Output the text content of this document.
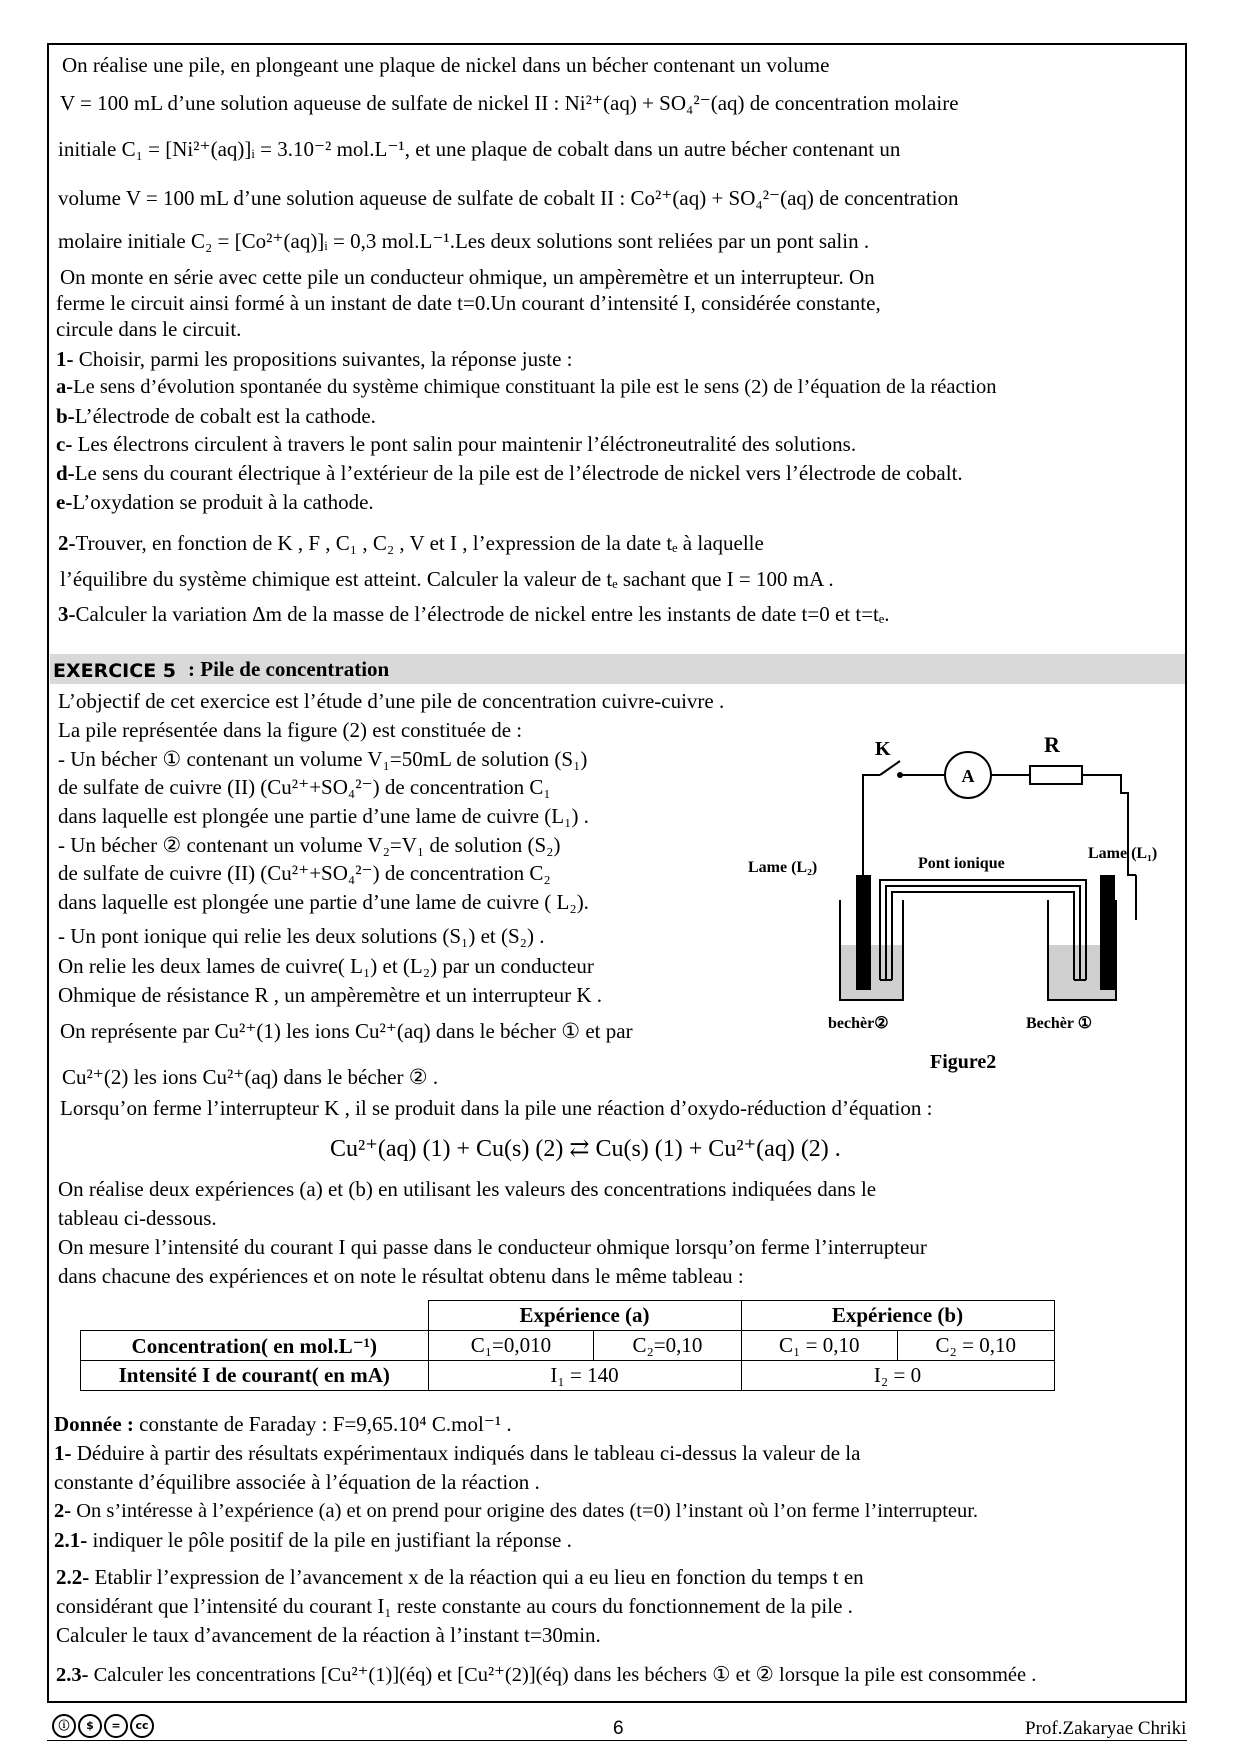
On réalise une pile, en plongeant une plaque de nickel dans un bécher contenant un volume
V = 100 mL d’une solution aqueuse de sulfate de nickel II : Ni²⁺(aq) + SO₄²⁻(aq) de concentration molaire
initiale C₁ = [Ni²⁺(aq)]ᵢ = 3.10⁻² mol.L⁻¹, et une plaque de cobalt dans un autre bécher contenant un
volume V = 100 mL d’une solution aqueuse de sulfate de cobalt II : Co²⁺(aq) + SO₄²⁻(aq) de concentration
molaire initiale C₂ = [Co²⁺(aq)]ᵢ = 0,3 mol.L⁻¹.Les deux solutions sont reliées par un pont salin .
On monte en série avec cette pile un conducteur ohmique, un ampèremètre et un interrupteur. On
ferme le circuit ainsi formé à un instant de date t=0.Un courant d’intensité I, considérée constante,
circule dans le circuit.
1- Choisir, parmi les propositions suivantes, la réponse juste :
a-Le sens d’évolution spontanée du système chimique constituant la pile est le sens (2) de l’équation de la réaction
b-L’électrode de cobalt est la cathode.
c- Les électrons circulent à travers le pont salin pour maintenir l’éléctroneutralité des solutions.
d-Le sens du courant électrique à l’extérieur de la pile est de l’électrode de nickel vers l’électrode de cobalt.
e-L’oxydation se produit à la cathode.
2-Trouver, en fonction de K , F , C₁ , C₂ , V et I , l’expression de la date tₑ à laquelle
l’équilibre du système chimique est atteint. Calculer la valeur de tₑ sachant que I = 100 mA .
3-Calculer la variation Δm de la masse de l’électrode de nickel entre les instants de date t=0 et t=tₑ.
EXERCICE 5 : Pile de concentration
L’objectif de cet exercice est l’étude d’une pile de concentration cuivre-cuivre .
La pile représentée dans la figure (2) est constituée de :
- Un bécher ① contenant un volume V₁=50mL de solution (S₁)
de sulfate de cuivre (II) (Cu²⁺+SO₄²⁻) de concentration C₁
dans laquelle est plongée une partie d’une lame de cuivre (L₁) .
- Un bécher ② contenant un volume V₂=V₁ de solution (S₂)
de sulfate de cuivre (II) (Cu²⁺+SO₄²⁻) de concentration C₂
dans laquelle est plongée une partie d’une lame de cuivre ( L₂).
- Un pont ionique qui relie les deux solutions (S₁) et (S₂) .
On relie les deux lames de cuivre( L₁) et (L₂) par un conducteur
Ohmique de résistance R , un ampèremètre et un interrupteur K .
On représente par Cu²⁺(1) les ions Cu²⁺(aq) dans le bécher ① et par
Cu²⁺(2) les ions Cu²⁺(aq) dans le bécher ② .
Lorsqu’on ferme l’interrupteur K , il se produit dans la pile une réaction d’oxydo-réduction d’équation :
Cu²⁺(aq) (1) + Cu(s) (2) ⇄ Cu(s) (1) + Cu²⁺(aq) (2) .
On réalise deux expériences (a) et (b) en utilisant les valeurs des concentrations indiquées dans le
tableau ci-dessous.
On mesure l’intensité du courant I qui passe dans le conducteur ohmique lorsqu’on ferme l’interrupteur
dans chacune des expériences et on note le résultat obtenu dans le même tableau :
A
K	R
Lame (L₂)
Lame (L₁)
Pont ionique
bechèr②	Bechèr ①
Figure2
	Expérience (a)		Expérience (b)	
Concentration( en mol.L⁻¹)	C₁=0,010	C₂=0,10	C₁ = 0,10	C₂ = 0,10
Intensité I de courant( en mA)	I₁ = 140		I₂ = 0	
Donnée : constante de Faraday : F=9,65.10⁴ C.mol⁻¹ .
1- Déduire à partir des résultats expérimentaux indiqués dans le tableau ci-dessus la valeur de la
constante d’équilibre associée à l’équation de la réaction .
2- On s’intéresse à l’expérience (a) et on prend pour origine des dates (t=0) l’instant où l’on ferme l’interrupteur.
2.1- indiquer le pôle positif de la pile en justifiant la réponse .
2.2- Etablir l’expression de l’avancement x de la réaction qui a eu lieu en fonction du temps t en
considérant que l’intensité du courant I₁ reste constante au cours du fonctionnement de la pile .
Calculer le taux d’avancement de la réaction à l’instant t=30min.
2.3- Calculer les concentrations [Cu²⁺(1)](éq) et [Cu²⁺(2)](éq) dans les béchers ① et ② lorsque la pile est consommée .
ⓘ	$	=	cc	6	Prof.Zakaryae Chriki
